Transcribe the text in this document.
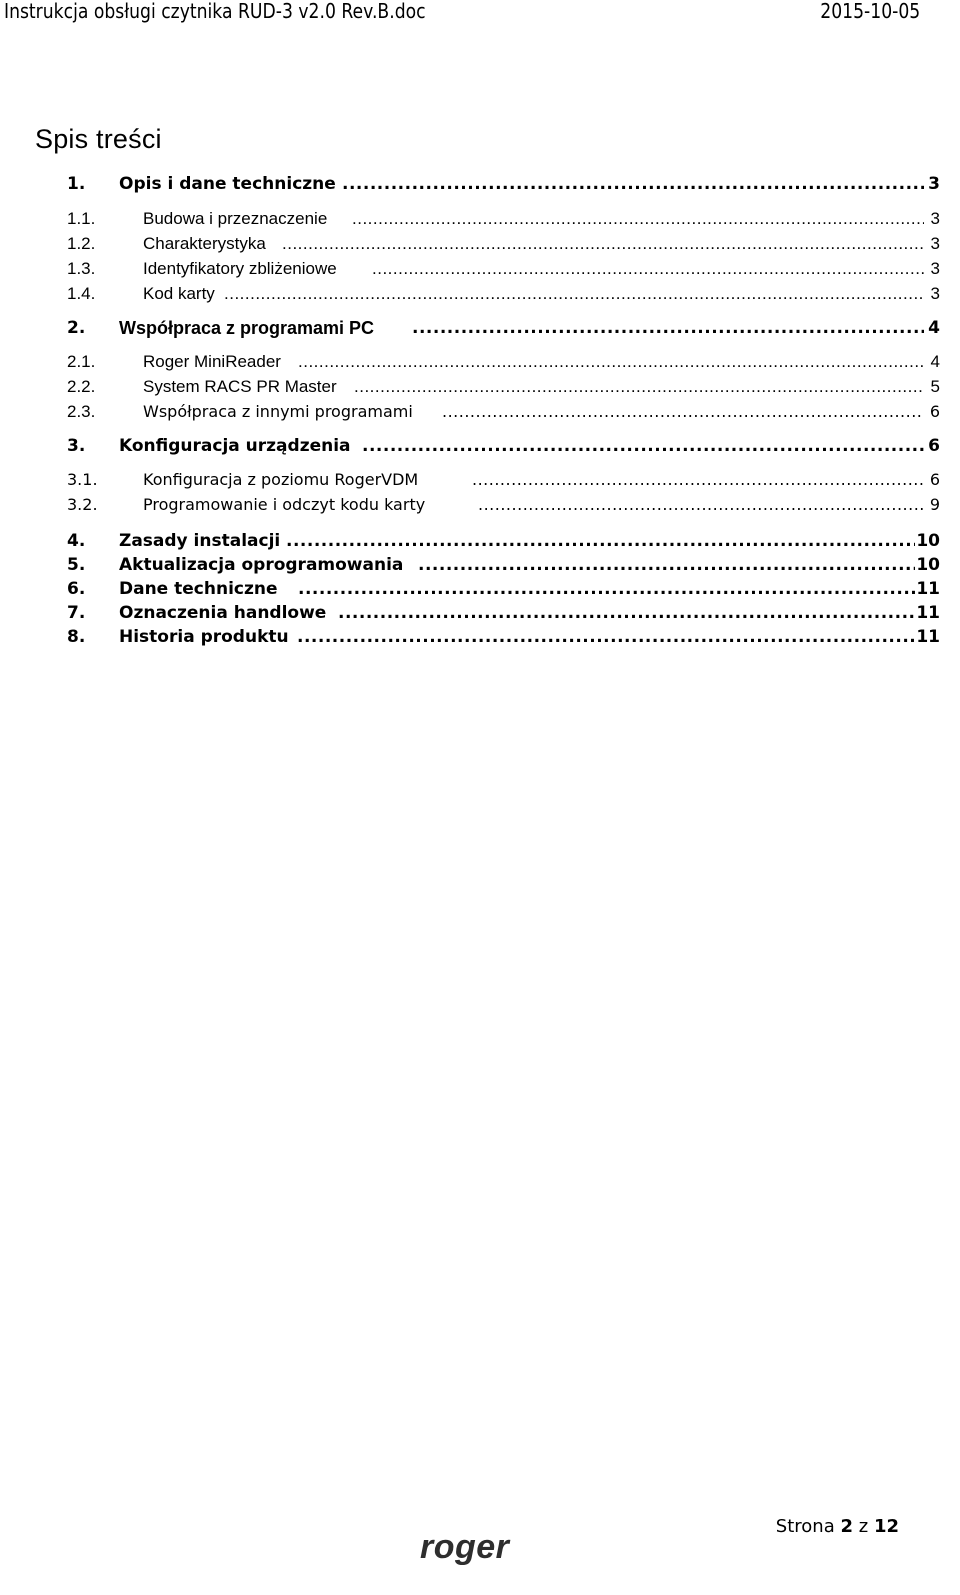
Instrukcja obsługi czytnika RUD-3 v2.0 Rev.B.doc	2015-10-05
Spis treści
1. Opis i dane techniczne .....	3
1.1.	Budowa i przeznaczenie .....	3
1.2.	Charakterystyka .....	3
1.3.	Identyfikatory zbliżeniowe .....	3
1.4.	Kod karty .....	3
2. Współpraca z programami PC .....	4
2.1.	Roger MiniReader .....	4
2.2.	System RACS PR Master .....	5
2.3.	Współpraca z innymi programami .....	6
3. Konfiguracja urządzenia .....	6
3.1.	Konfiguracja z poziomu RogerVDM .....	6
3.2.	Programowanie i odczyt kodu karty .....	9
4. Zasady instalacji .....	10
5. Aktualizacja oprogramowania .....	10
6. Dane techniczne .....	11
7. Oznaczenia handlowe .....	11
8. Historia produktu .....	11
Strona 2 z 12
roger
